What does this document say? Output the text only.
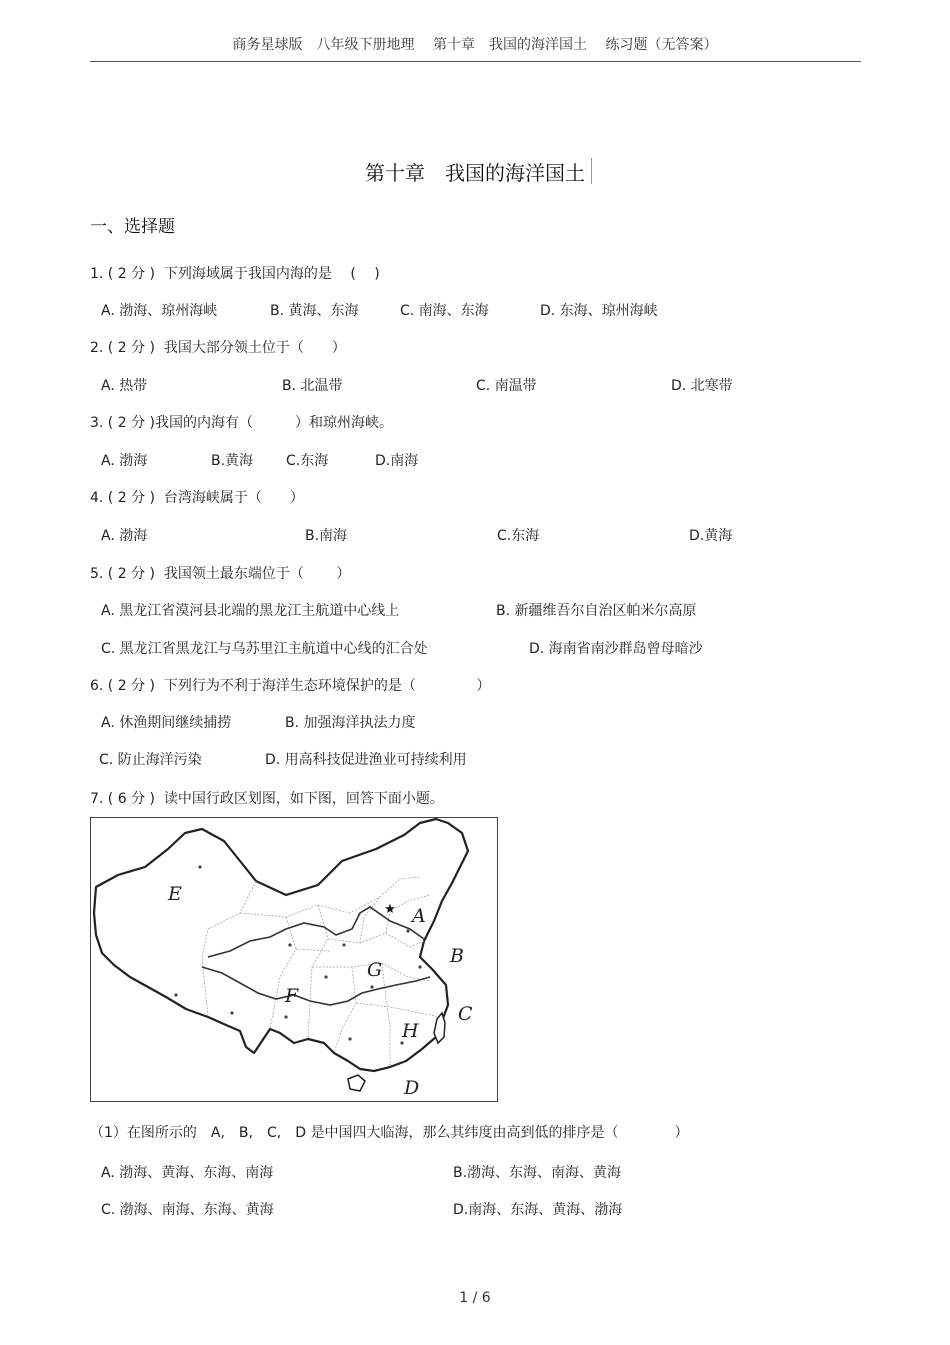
商务星球版　八年级下册地理　 第十章　我国的海洋国土　 练习题（无答案）
第十章　我国的海洋国土
一、选择题
1. ( 2 分 )  下列海域属于我国内海的是　 (　 )
A. 渤海、琼州海峡	B. 黄海、东海	C. 南海、东海	D. 东海、琼州海峡
2. ( 2 分 )  我国大部分领土位于（　　）
A. 热带	B. 北温带	C. 南温带	D. 北寒带
3. ( 2 分 )我国的内海有（　　　）和琼州海峡。
A. 渤海	B.黄海 C.东海	D.南海
4. ( 2 分 )  台湾海峡属于（　　）
A. 渤海	B.南海	C.东海	D.黄海
5. ( 2 分 )  我国领土最东端位于（　　 ）
A. 黑龙江省漠河县北端的黑龙江主航道中心线上	B. 新疆维吾尔自治区帕米尔高原
C. 黑龙江省黑龙江与乌苏里江主航道中心线的汇合处	D. 海南省南沙群岛曾母暗沙
6. ( 2 分 )  下列行为不利于海洋生态环境保护的是（　　　　 ）
A. 休渔期间继续捕捞	B. 加强海洋执法力度
C. 防止海洋污染	D. 用高科技促进渔业可持续利用
7. ( 6 分 )  读中国行政区划图，如下图，回答下面小题。
★
E
A
B
G
F
C
H
D
（1）在图所示的　A,　B,　C,　D 是中国四大临海，那么其纬度由高到低的排序是（　　　　）
A. 渤海、黄海、东海、南海	B.渤海、东海、南海、黄海
C. 渤海、南海、东海、黄海	D.南海、东海、黄海、渤海
1 / 6
